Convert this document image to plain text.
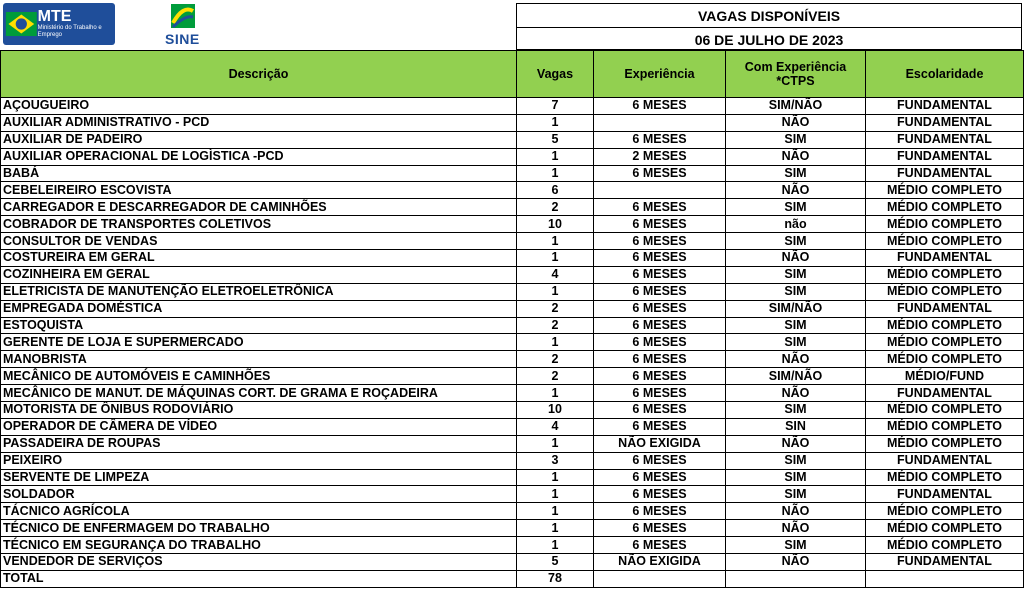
MTE
Ministério do Trabalho e Emprego	SINE
VAGAS DISPONÍVEIS
06 DE JULHO DE 2023
Descrição	Vagas	Experiência	Com Experiência *CTPS	Escolaridade
AÇOUGUEIRO	7	6 MESES	SIM/NÃO	FUNDAMENTAL
AUXILIAR ADMINISTRATIVO - PCD	1		NÃO	FUNDAMENTAL
AUXILIAR DE PADEIRO	5	6 MESES	SIM	FUNDAMENTAL
AUXILIAR OPERACIONAL DE LOGÌSTICA -PCD	1	2 MESES	NÃO	FUNDAMENTAL
BABÁ	1	6 MESES	SIM	FUNDAMENTAL
CEBELEIREIRO ESCOVISTA	6		NÃO	MÉDIO COMPLETO
CARREGADOR E DESCARREGADOR DE CAMINHÕES	2	6 MESES	SIM	MÉDIO COMPLETO
COBRADOR DE TRANSPORTES COLETIVOS	10	6 MESES	não	MÉDIO COMPLETO
CONSULTOR DE VENDAS	1	6 MESES	SIM	MÉDIO COMPLETO
COSTUREIRA EM GERAL	1	6 MESES	NÃO	FUNDAMENTAL
COZINHEIRA EM GERAL	4	6 MESES	SIM	MÉDIO COMPLETO
ELETRICISTA DE MANUTENÇÃO ELETROELETRÔNICA	1	6 MESES	SIM	MÉDIO COMPLETO
EMPREGADA DOMÉSTICA	2	6 MESES	SIM/NÃO	FUNDAMENTAL
ESTOQUISTA	2	6 MESES	SIM	MÉDIO COMPLETO
GERENTE DE LOJA E SUPERMERCADO	1	6 MESES	SIM	MÉDIO COMPLETO
MANOBRISTA	2	6 MESES	NÃO	MÉDIO COMPLETO
MECÂNICO DE AUTOMÓVEIS E CAMINHÕES	2	6 MESES	SIM/NÃO	MÉDIO/FUND
MECÂNICO DE MANUT. DE MÁQUINAS CORT. DE GRAMA E ROÇADEIRA	1	6 MESES	NÃO	FUNDAMENTAL
MOTORISTA DE ÔNIBUS RODOVIÁRIO	10	6 MESES	SIM	MÉDIO COMPLETO
OPERADOR DE CÂMERA DE VÍDEO	4	6 MESES	SIN	MÉDIO COMPLETO
PASSADEIRA DE ROUPAS	1	NÃO EXIGIDA	NÃO	MÉDIO COMPLETO
PEIXEIRO	3	6 MESES	SIM	FUNDAMENTAL
SERVENTE DE LIMPEZA	1	6 MESES	SIM	MÉDIO COMPLETO
SOLDADOR	1	6 MESES	SIM	FUNDAMENTAL
TÁCNICO AGRÍCOLA	1	6 MESES	NÃO	MÉDIO COMPLETO
TÉCNICO DE ENFERMAGEM DO TRABALHO	1	6 MESES	NÃO	MÉDIO COMPLETO
TÉCNICO EM SEGURANÇA DO TRABALHO	1	6 MESES	SIM	MÉDIO COMPLETO
VENDEDOR DE SERVIÇOS	5	NÃO EXIGIDA	NÃO	FUNDAMENTAL
TOTAL	78			
